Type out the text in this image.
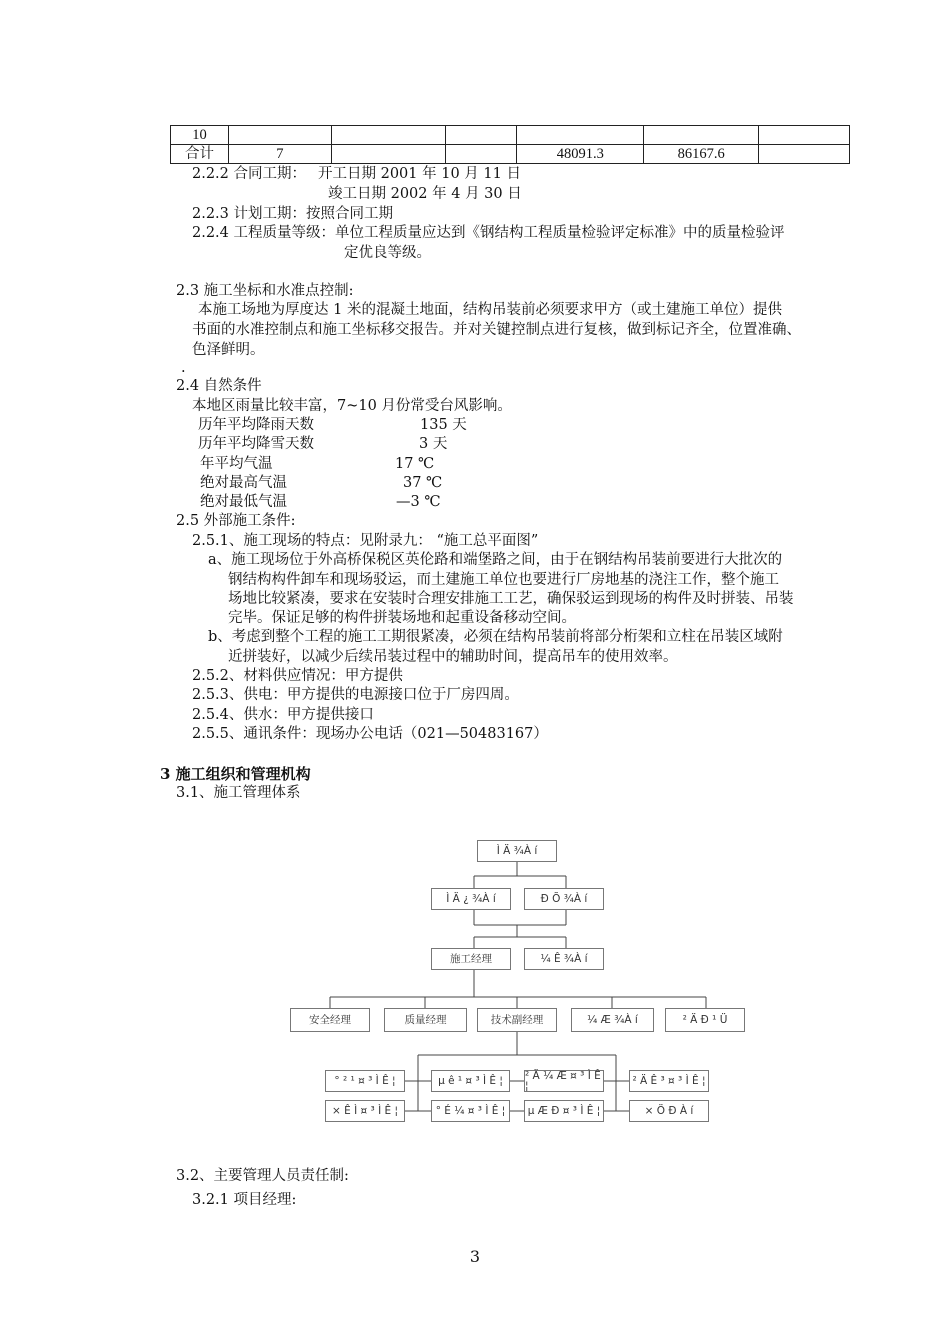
10						
合计	7			48091.3	86167.6	
2.2.2 合同工期： 开工日期 2001 年 10 月 11 日
竣工日期 2002 年 4 月 30 日
2.2.3 计划工期：按照合同工期
2.2.4 工程质量等级：单位工程质量应达到《钢结构工程质量检验评定标准》中的质量检验评
定优良等级。
2.3 施工坐标和水准点控制:
本施工场地为厚度达 1 米的混凝土地面，结构吊装前必须要求甲方（或土建施工单位）提供
书面的水准控制点和施工坐标移交报告。并对关键控制点进行复核，做到标记齐全，位置准确、
色泽鲜明。
.
2.4 自然条件
本地区雨量比较丰富，7~10 月份常受台风影响。
历年平均降雨天数	135 天
历年平均降雪天数	3 天
年平均气温	17 ℃
绝对最高气温	37 ℃
绝对最低气温	—3 ℃
2.5 外部施工条件:
2.5.1、施工现场的特点：见附录九： “施工总平面图”
a、施工现场位于外高桥保税区英伦路和端堡路之间，由于在钢结构吊装前要进行大批次的
钢结构构件卸车和现场驳运，而土建施工单位也要进行厂房地基的浇注工作，整个施工
场地比较紧凑，要求在安装时合理安排施工工艺，确保驳运到现场的构件及时拼装、吊装
完毕。保证足够的构件拼装场地和起重设备移动空间。
b、考虑到整个工程的施工工期很紧凑，必须在结构吊装前将部分桁架和立柱在吊装区域附
近拼装好，以减少后续吊装过程中的辅助时间，提高吊车的使用效率。
2.5.2、材料供应情况：甲方提供
2.5.3、供电：甲方提供的电源接口位于厂房四周。
2.5.4、供水：甲方提供接口
2.5.5、通讯条件：现场办公电话（021—50483167）
3 施工组织和管理机构
3.1、施工管理体系
Ì Ä ¾À í
Ì Ä ¿ ¾À í	Ð Õ ¾À í
施工经理	¼ Ê ¾À í
安全经理	质量经理	技术副经理	¼ Æ ¾À í	² Ä Ð ¹ Ü
° ² ¹ ¤ ³ Ì Ê ¦	µ ê ¹ ¤ ³ Ì Ê ¦	² Ä ¼ Æ ¤ ³ Ì Ê ¦	² Ä Ê ³ ¤ ³ Ì Ê ¦
× Ê Ì ¤ ³ Ì Ê ¦	° É ¼ ¤ ³ Ì Ê ¦	µ Æ Ð ¤ ³ Ì Ê ¦	× Ö Ð À í
3.2、主要管理人员责任制:
3.2.1 项目经理:
3
